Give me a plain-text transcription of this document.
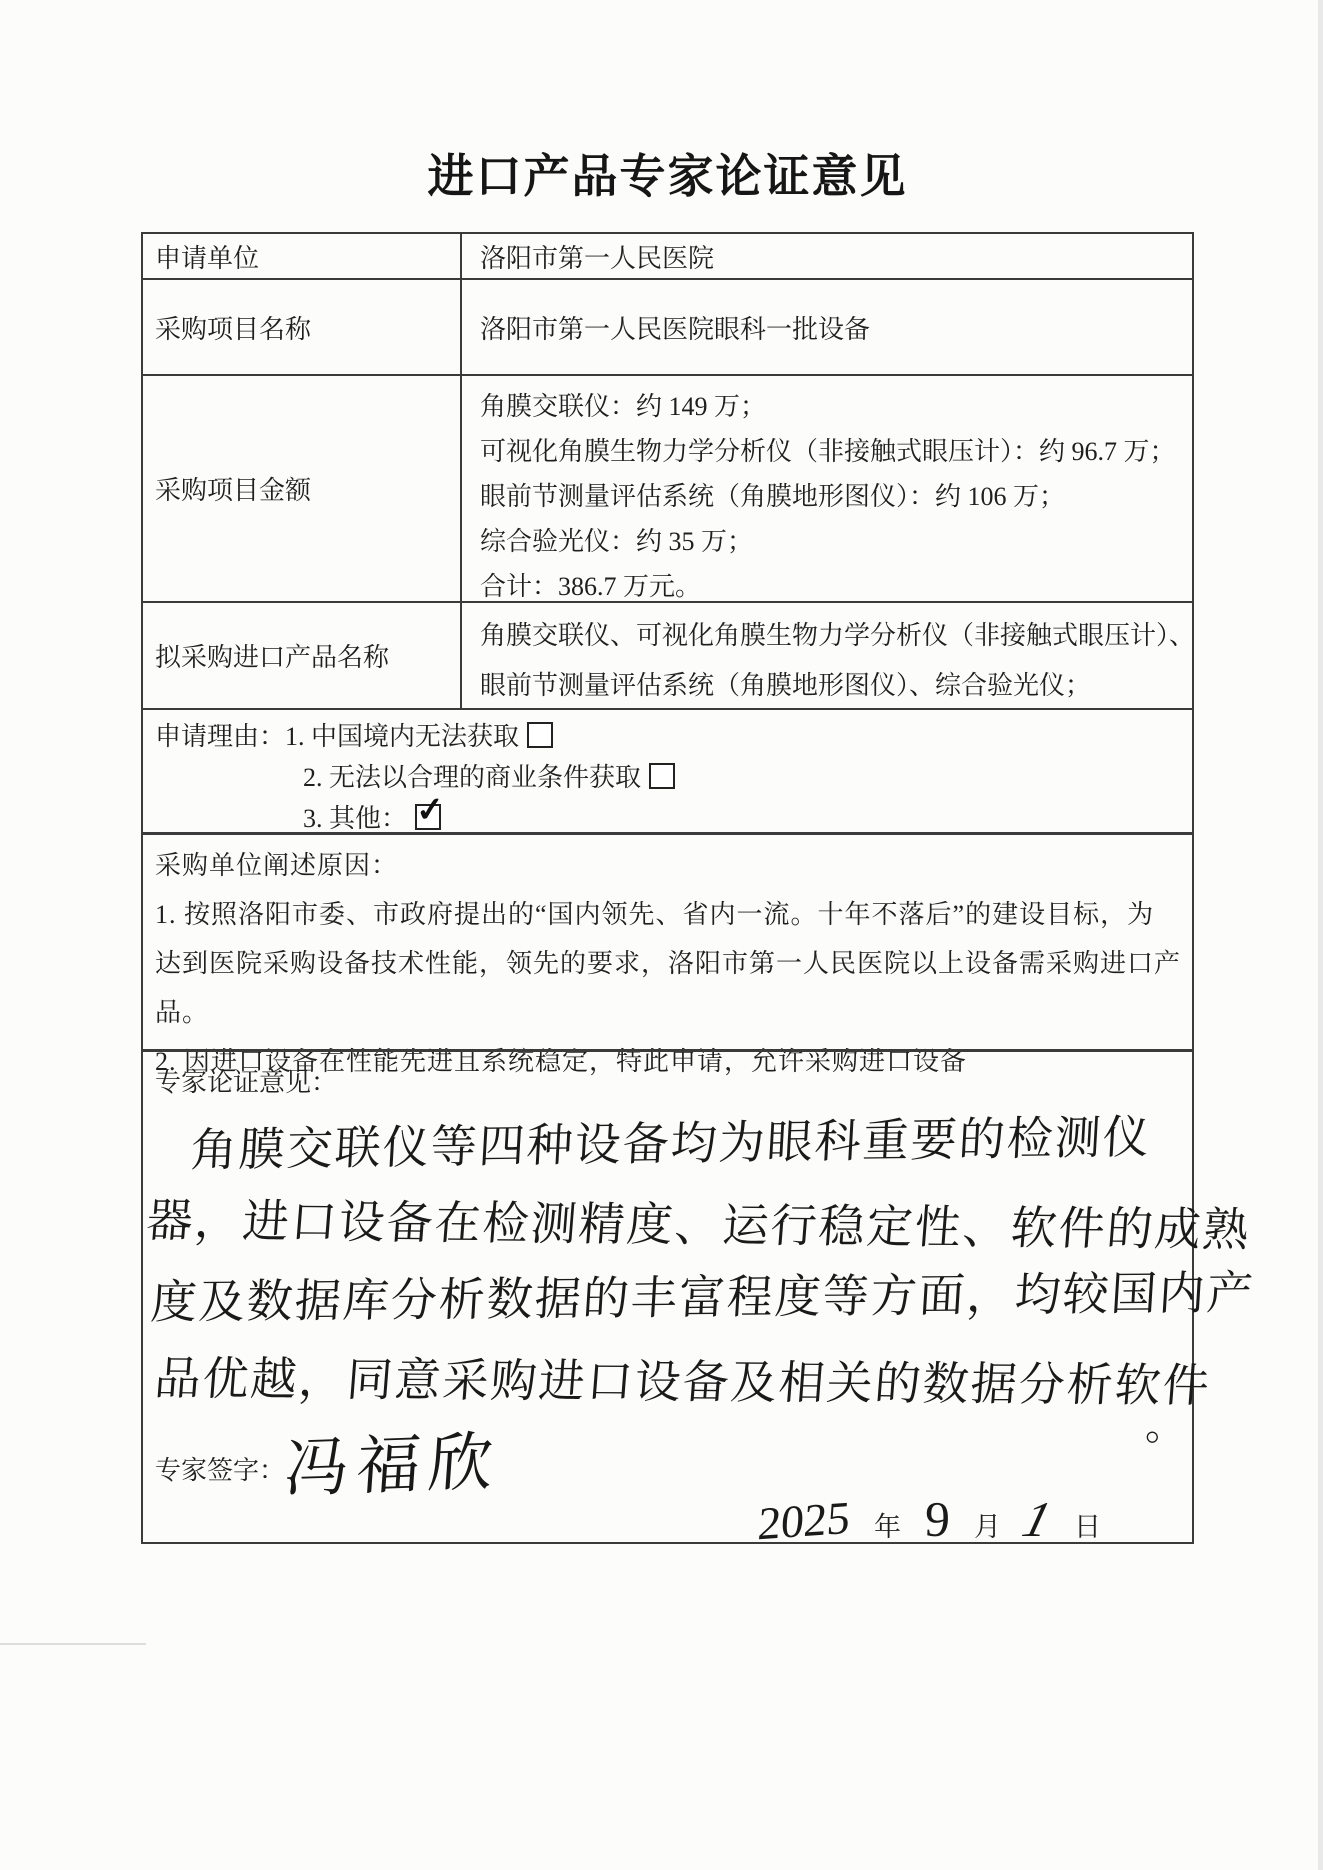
进口产品专家论证意见
申请单位	洛阳市第一人民医院
采购项目名称	洛阳市第一人民医院眼科一批设备
采购项目金额
角膜交联仪：约 149 万；
可视化角膜生物力学分析仪（非接触式眼压计）：约 96.7 万；
眼前节测量评估系统（角膜地形图仪）：约 106 万；
综合验光仪：约 35 万；
合计：386.7 万元。
拟采购进口产品名称
角膜交联仪、可视化角膜生物力学分析仪（非接触式眼压计）、
眼前节测量评估系统（角膜地形图仪）、综合验光仪；
申请理由：1. 中国境内无法获取
2. 无法以合理的商业条件获取
3. 其他： ✓
采购单位阐述原因：
1. 按照洛阳市委、市政府提出的“国内领先、省内一流。十年不落后”的建设目标，为
达到医院采购设备技术性能，领先的要求，洛阳市第一人民医院以上设备需采购进口产
品。
2. 因进口设备在性能先进且系统稳定，特此申请，允许采购进口设备
专家论证意见：
角膜交联仪等四种设备均为眼科重要的检测仪
器，进口设备在检测精度、运行稳定性、软件的成熟
度及数据库分析数据的丰富程度等方面，均较国内产
品优越，同意采购进口设备及相关的数据分析软件
。
专家签字：
冯福欣
2025 年 9 月 1 日
